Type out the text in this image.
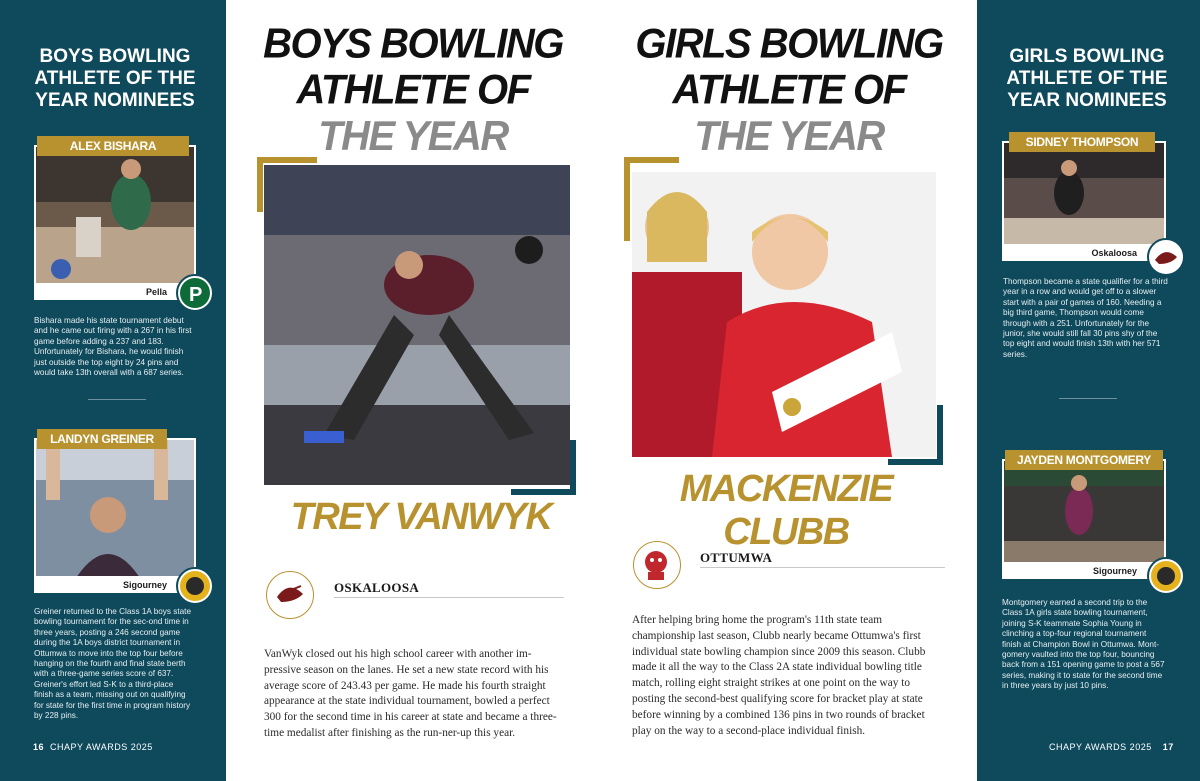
BOYS BOWLING ATHLETE OF THE YEAR NOMINEES
Pella
ALEX BISHARA
P
Bishara made his state tournament debut and he came out firing with a 267 in his first game before adding a 237 and 183. Unfortunately for Bishara, he would finish just outside the top eight by 24 pins and would take 13th overall with a 687 series.
Sigourney
LANDYN GREINER
Greiner returned to the Class 1A boys state bowling tournament for the sec-ond time in three years, posting a 246 second game during the 1A boys district tournament in Ottumwa to move into the top four before hanging on the fourth and final state berth with a three-game series score of 637. Greiner's effort led S-K to a third-place finish as a team, missing out on qualifying for state for the first time in program history by 228 pins.
16 CHAPY AWARDS 2025
BOYS BOWLING
ATHLETE OF
THE YEAR
TREY VANWYK
OSKALOOSA
VanWyk closed out his high school career with another im-pressive season on the lanes. He set a new state record with his average score of 243.43 per game. He made his fourth straight appearance at the state individual tournament, bowled a perfect 300 for the second time in his career at state and became a three-time medalist after finishing as the run-ner-up this year.
GIRLS BOWLING
ATHLETE OF
THE YEAR
MACKENZIE CLUBB
OTTUMWA
After helping bring home the program's 11th state team championship last season, Clubb nearly became Ottumwa's first individual state bowling champion since 2009 this season. Clubb made it all the way to the Class 2A state individual bowling title match, rolling eight straight strikes at one point on the way to posting the second-best qualifying score for bracket play at state before winning by a combined 136 pins in two rounds of bracket play on the way to a second-place individual finish.
GIRLS BOWLING ATHLETE OF THE YEAR NOMINEES
Oskaloosa
SIDNEY THOMPSON
Thompson became a state qualifier for a third year in a row and would get off to a slower start with a pair of games of 160. Needing a big third game, Thompson would come through with a 251. Unfortunately for the junior, she would still fall 30 pins shy of the top eight and would finish 13th with her 571 series.
Sigourney
JAYDEN MONTGOMERY
Montgomery earned a second trip to the Class 1A girls state bowling tournament, joining S-K teammate Sophia Young in clinching a top-four regional tournament finish at Champion Bowl in Ottumwa. Mont-gomery vaulted into the top four, bouncing back from a 151 opening game to post a 567 series, making it to state for the second time in three years by just 10 pins.
CHAPY AWARDS 2025 17
